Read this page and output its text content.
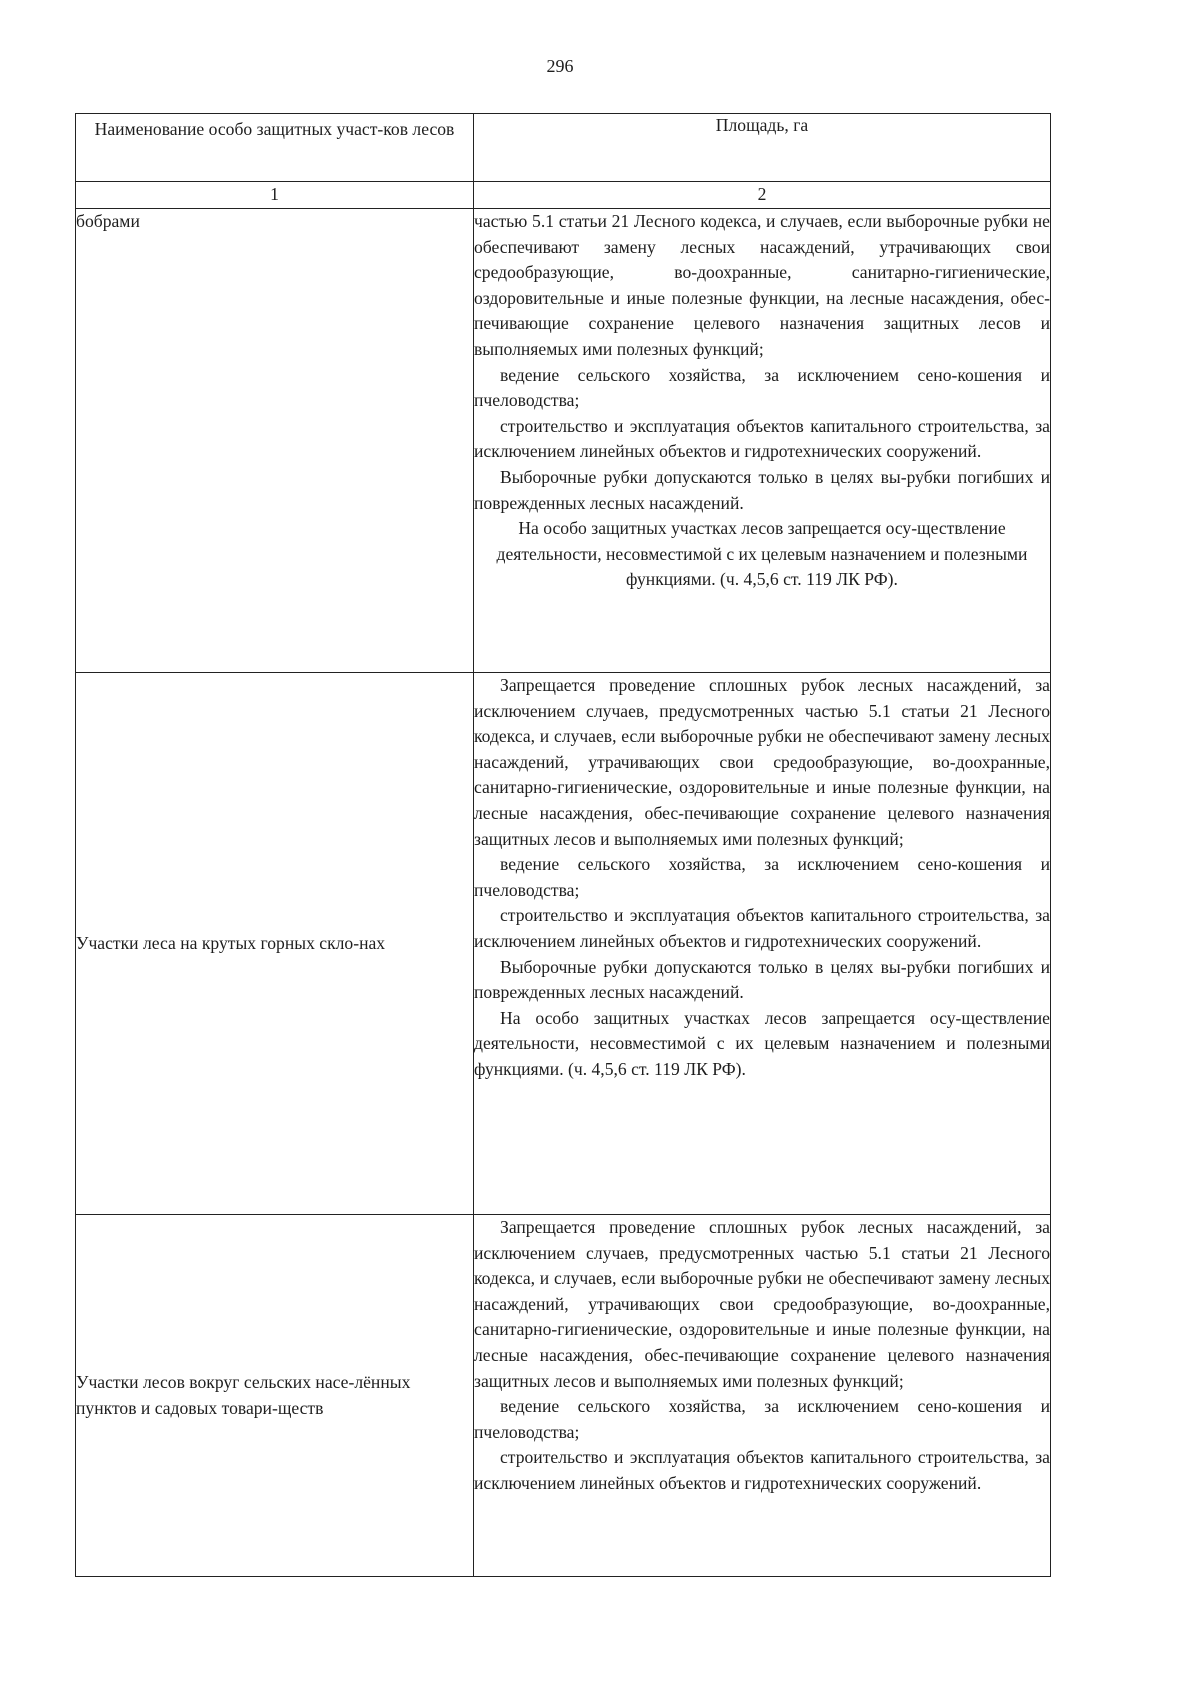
296
Наименование особо защитных участ-ков лесов	Площадь, га
1	2
бобрами	частью 5.1 статьи 21 Лесного кодекса, и случаев, если выборочные рубки не обеспечивают замену лесных насаждений, утрачивающих свои средообразующие, во-доохранные, санитарно-гигиенические, оздоровительные и иные полезные функции, на лесные насаждения, обес-печивающие сохранение целевого назначения защитных лесов и выполняемых ими полезных функций;

ведение сельского хозяйства, за исключением сено-кошения и пчеловодства;

строительство и эксплуатация объектов капитального строительства, за исключением линейных объектов и гидротехнических сооружений.

Выборочные рубки допускаются только в целях вы-рубки погибших и поврежденных лесных насаждений.

На особо защитных участках лесов запрещается осу-ществление деятельности, несовместимой с их целевым назначением и полезными функциями. (ч. 4,5,6 ст. 119 ЛК РФ).

Участки леса на крутых горных скло-нах	Запрещается проведение сплошных рубок лесных насаждений, за исключением случаев, предусмотренных частью 5.1 статьи 21 Лесного кодекса, и случаев, если выборочные рубки не обеспечивают замену лесных насаждений, утрачивающих свои средообразующие, во-доохранные, санитарно-гигиенические, оздоровительные и иные полезные функции, на лесные насаждения, обес-печивающие сохранение целевого назначения защитных лесов и выполняемых ими полезных функций;

ведение сельского хозяйства, за исключением сено-кошения и пчеловодства;

строительство и эксплуатация объектов капитального строительства, за исключением линейных объектов и гидротехнических сооружений.

Выборочные рубки допускаются только в целях вы-рубки погибших и поврежденных лесных насаждений.

На особо защитных участках лесов запрещается осу-ществление деятельности, несовместимой с их целевым назначением и полезными функциями. (ч. 4,5,6 ст. 119 ЛК РФ).

Участки лесов вокруг сельских насе-лённых пунктов и садовых товари-ществ	Запрещается проведение сплошных рубок лесных насаждений, за исключением случаев, предусмотренных частью 5.1 статьи 21 Лесного кодекса, и случаев, если выборочные рубки не обеспечивают замену лесных насаждений, утрачивающих свои средообразующие, во-доохранные, санитарно-гигиенические, оздоровительные и иные полезные функции, на лесные насаждения, обес-печивающие сохранение целевого назначения защитных лесов и выполняемых ими полезных функций;

ведение сельского хозяйства, за исключением сено-кошения и пчеловодства;

строительство и эксплуатация объектов капитального строительства, за исключением линейных объектов и гидротехнических сооружений.
